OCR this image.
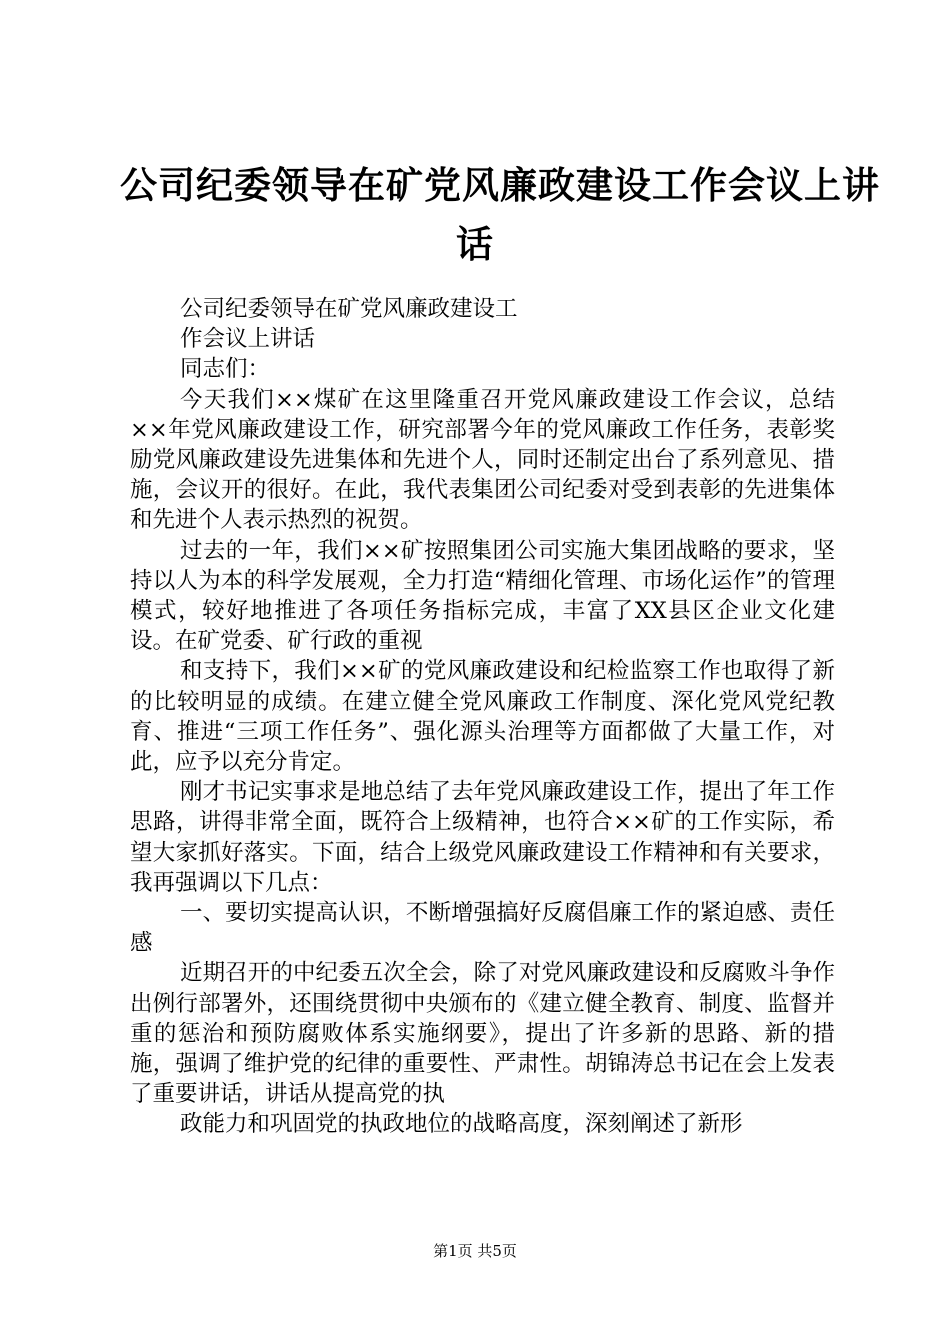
公司纪委领导在矿党风廉政建设工作会议上讲
话

公司纪委领导在矿党风廉政建设工

作会议上讲话

同志们：

今天我们××煤矿在这里隆重召开党风廉政建设工作会议，总结××年党风廉政建设工作，研究部署今年的党风廉政工作任务，表彰奖励党风廉政建设先进集体和先进个人，同时还制定出台了系列意见、措施，会议开的很好。在此，我代表集团公司纪委对受到表彰的先进集体和先进个人表示热烈的祝贺。

过去的一年，我们××矿按照集团公司实施大集团战略的要求，坚持以人为本的科学发展观，全力打造“精细化管理、市场化运作”的管理模式，较好地推进了各项任务指标完成，丰富了XX县区企业文化建设。在矿党委、矿行政的重视

和支持下，我们××矿的党风廉政建设和纪检监察工作也取得了新的比较明显的成绩。在建立健全党风廉政工作制度、深化党风党纪教育、推进“三项工作任务”、强化源头治理等方面都做了大量工作，对此，应予以充分肯定。

刚才书记实事求是地总结了去年党风廉政建设工作，提出了年工作思路，讲得非常全面，既符合上级精神，也符合××矿的工作实际，希望大家抓好落实。下面，结合上级党风廉政建设工作精神和有关要求，我再强调以下几点：

一、要切实提高认识，不断增强搞好反腐倡廉工作的紧迫感、责任感

近期召开的中纪委五次全会，除了对党风廉政建设和反腐败斗争作出例行部署外，还围绕贯彻中央颁布的《建立健全教育、制度、监督并重的惩治和预防腐败体系实施纲要》，提出了许多新的思路、新的措施，强调了维护党的纪律的重要性、严肃性。胡锦涛总书记在会上发表了重要讲话，讲话从提高党的执

政能力和巩固党的执政地位的战略高度，深刻阐述了新形

第1页 共5页
